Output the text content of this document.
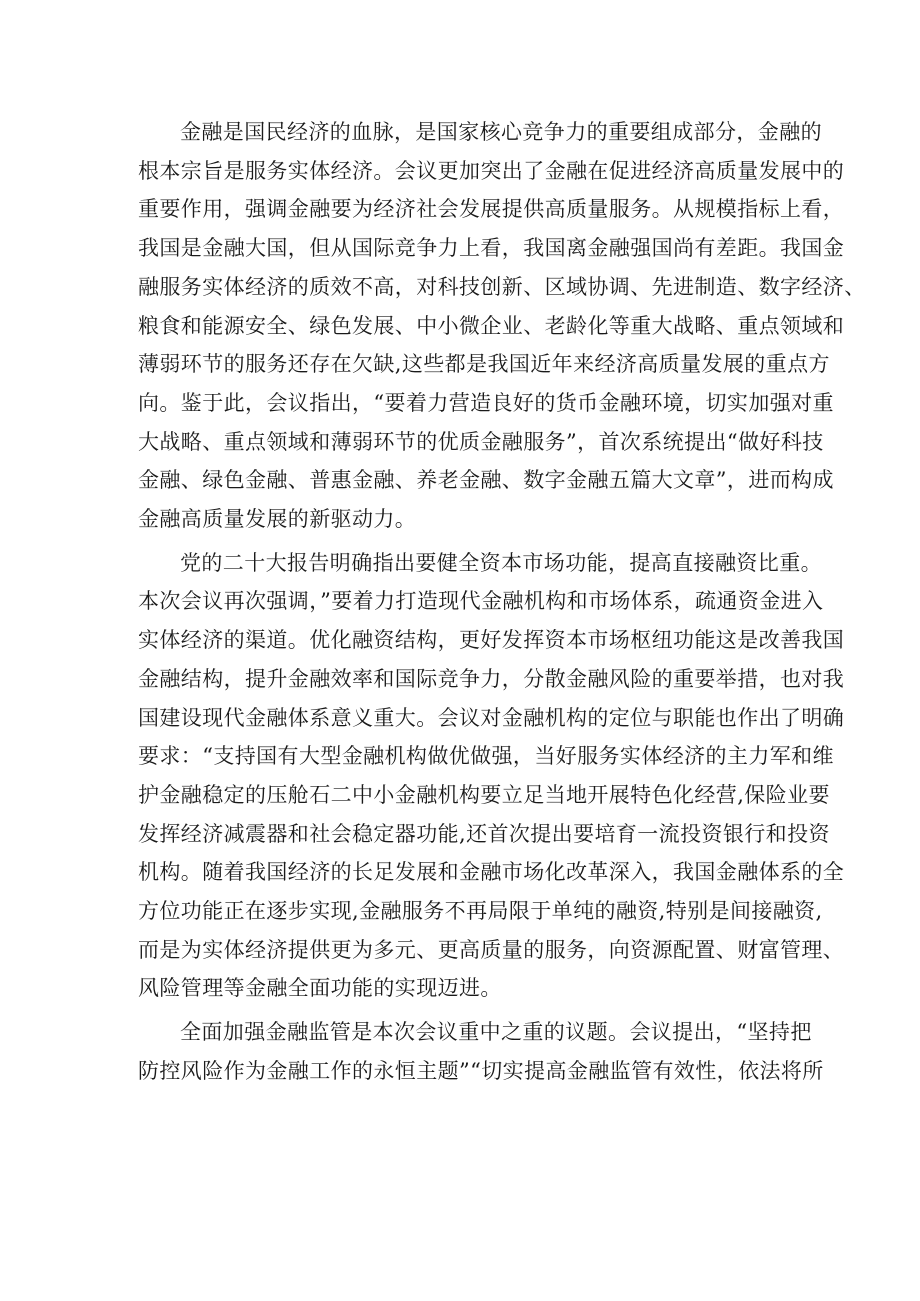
金融是国民经济的血脉，是国家核心竞争力的重要组成部分，金融的
根本宗旨是服务实体经济。会议更加突出了金融在促进经济高质量发展中的
重要作用，强调金融要为经济社会发展提供高质量服务。从规模指标上看，
我国是金融大国，但从国际竞争力上看，我国离金融强国尚有差距。我国金
融服务实体经济的质效不高，对科技创新、区域协调、先进制造、数字经济、
粮食和能源安全、绿色发展、中小微企业、老龄化等重大战略、重点领域和
薄弱环节的服务还存在欠缺,这些都是我国近年来经济高质量发展的重点方
向。鉴于此，会议指出，“要着力营造良好的货币金融环境，切实加强对重
大战略、重点领域和薄弱环节的优质金融服务”，首次系统提出“做好科技
金融、绿色金融、普惠金融、养老金融、数字金融五篇大文章”，进而构成
金融高质量发展的新驱动力。

党的二十大报告明确指出要健全资本市场功能，提高直接融资比重。
本次会议再次强调，”要着力打造现代金融机构和市场体系，疏通资金进入
实体经济的渠道。优化融资结构，更好发挥资本市场枢纽功能这是改善我国
金融结构，提升金融效率和国际竞争力，分散金融风险的重要举措，也对我
国建设现代金融体系意义重大。会议对金融机构的定位与职能也作出了明确
要求：“支持国有大型金融机构做优做强，当好服务实体经济的主力军和维
护金融稳定的压舱石二中小金融机构要立足当地开展特色化经营,保险业要
发挥经济减震器和社会稳定器功能,还首次提出要培育一流投资银行和投资
机构。随着我国经济的长足发展和金融市场化改革深入，我国金融体系的全
方位功能正在逐步实现,金融服务不再局限于单纯的融资,特别是间接融资,
而是为实体经济提供更为多元、更高质量的服务，向资源配置、财富管理、
风险管理等金融全面功能的实现迈进。

全面加强金融监管是本次会议重中之重的议题。会议提出，“坚持把
防控风险作为金融工作的永恒主题”“切实提高金融监管有效性，依法将所
